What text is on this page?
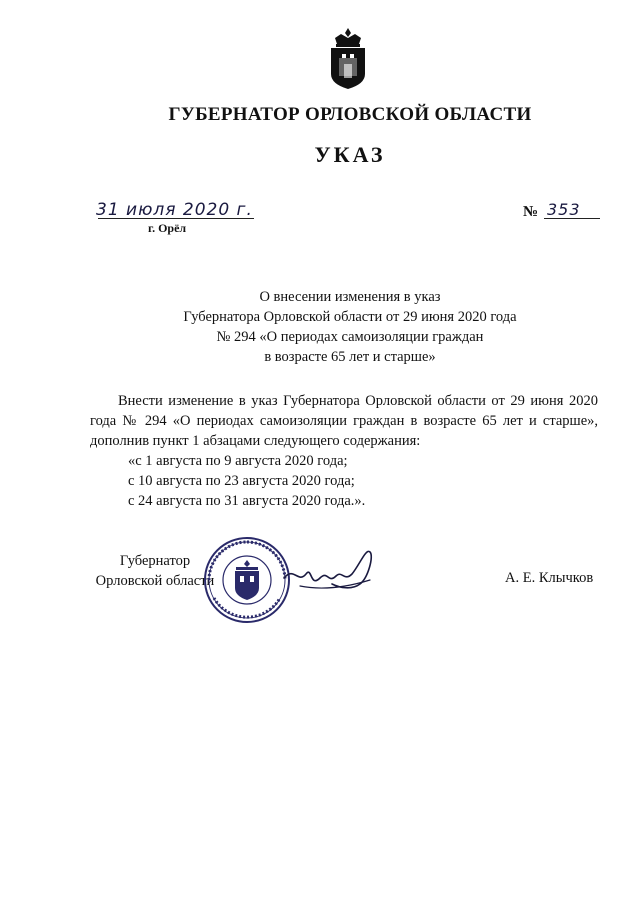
ГУБЕРНАТОР ОРЛОВСКОЙ ОБЛАСТИ
УКАЗ
31 июля 2020 г.
г. Орёл
№ 353
О внесении изменения в указ
Губернатора Орловской области от 29 июня 2020 года
№ 294 «О периодах самоизоляции граждан
в возрасте 65 лет и старше»
Внести изменение в указ Губернатора Орловской области от 29 июня 2020 года № 294 «О периодах самоизоляции граждан в возрасте 65 лет и старше», дополнив пункт 1 абзацами следующего содержания:
«с 1 августа по 9 августа 2020 года;
с 10 августа по 23 августа 2020 года;
с 24 августа по 31 августа 2020 года.».
Губернатор
Орловской области	А. Е. Клычков
